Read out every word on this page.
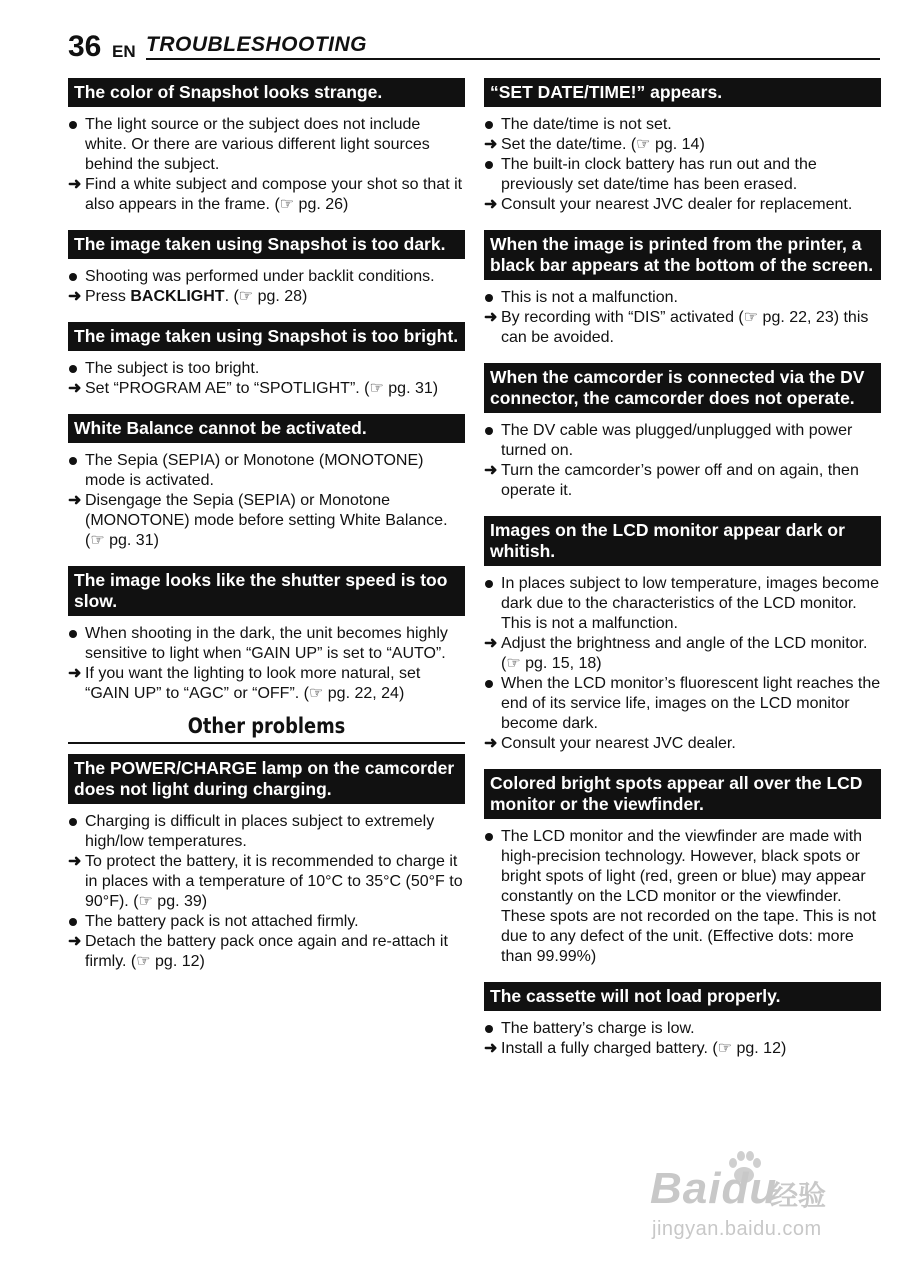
36 EN TROUBLESHOOTING
The color of Snapshot looks strange.
The light source or the subject does not include white. Or there are various different light sources behind the subject.
➜ Find a white subject and compose your shot so that it also appears in the frame. (☞ pg. 26)
The image taken using Snapshot is too dark.
Shooting was performed under backlit conditions.
➜ Press BACKLIGHT. (☞ pg. 28)
The image taken using Snapshot is too bright.
The subject is too bright.
➜ Set “PROGRAM AE” to “SPOTLIGHT”. (☞ pg. 31)
White Balance cannot be activated.
The Sepia (SEPIA) or Monotone (MONOTONE) mode is activated.
➜ Disengage the Sepia (SEPIA) or Monotone (MONOTONE) mode before setting White Balance. (☞ pg. 31)
The image looks like the shutter speed is too slow.
When shooting in the dark, the unit becomes highly sensitive to light when “GAIN UP” is set to “AUTO”.
➜ If you want the lighting to look more natural, set “GAIN UP” to “AGC” or “OFF”. (☞ pg. 22, 24)
Other problems
The POWER/CHARGE lamp on the camcorder does not light during charging.
Charging is difficult in places subject to extremely high/low temperatures.
➜ To protect the battery, it is recommended to charge it in places with a temperature of 10°C to 35°C (50°F to 90°F). (☞ pg. 39)
The battery pack is not attached firmly.
➜ Detach the battery pack once again and re-attach it firmly. (☞ pg. 12)
“SET DATE/TIME!” appears.
The date/time is not set.
➜ Set the date/time. (☞ pg. 14)
The built-in clock battery has run out and the previously set date/time has been erased.
➜ Consult your nearest JVC dealer for replacement.
When the image is printed from the printer, a black bar appears at the bottom of the screen.
This is not a malfunction.
➜ By recording with “DIS” activated (☞ pg. 22, 23) this can be avoided.
When the camcorder is connected via the DV connector, the camcorder does not operate.
The DV cable was plugged/unplugged with power turned on.
➜ Turn the camcorder’s power off and on again, then operate it.
Images on the LCD monitor appear dark or whitish.
In places subject to low temperature, images become dark due to the characteristics of the LCD monitor. This is not a malfunction.
➜ Adjust the brightness and angle of the LCD monitor. (☞ pg. 15, 18)
When the LCD monitor’s fluorescent light reaches the end of its service life, images on the LCD monitor become dark.
➜ Consult your nearest JVC dealer.
Colored bright spots appear all over the LCD monitor or the viewfinder.
The LCD monitor and the viewfinder are made with high-precision technology. However, black spots or bright spots of light (red, green or blue) may appear constantly on the LCD monitor or the viewfinder. These spots are not recorded on the tape. This is not due to any defect of the unit. (Effective dots: more than 99.99%)
The cassette will not load properly.
The battery’s charge is low.
➜ Install a fully charged battery. (☞ pg. 12)
Baidu
经验
jingyan.baidu.com
